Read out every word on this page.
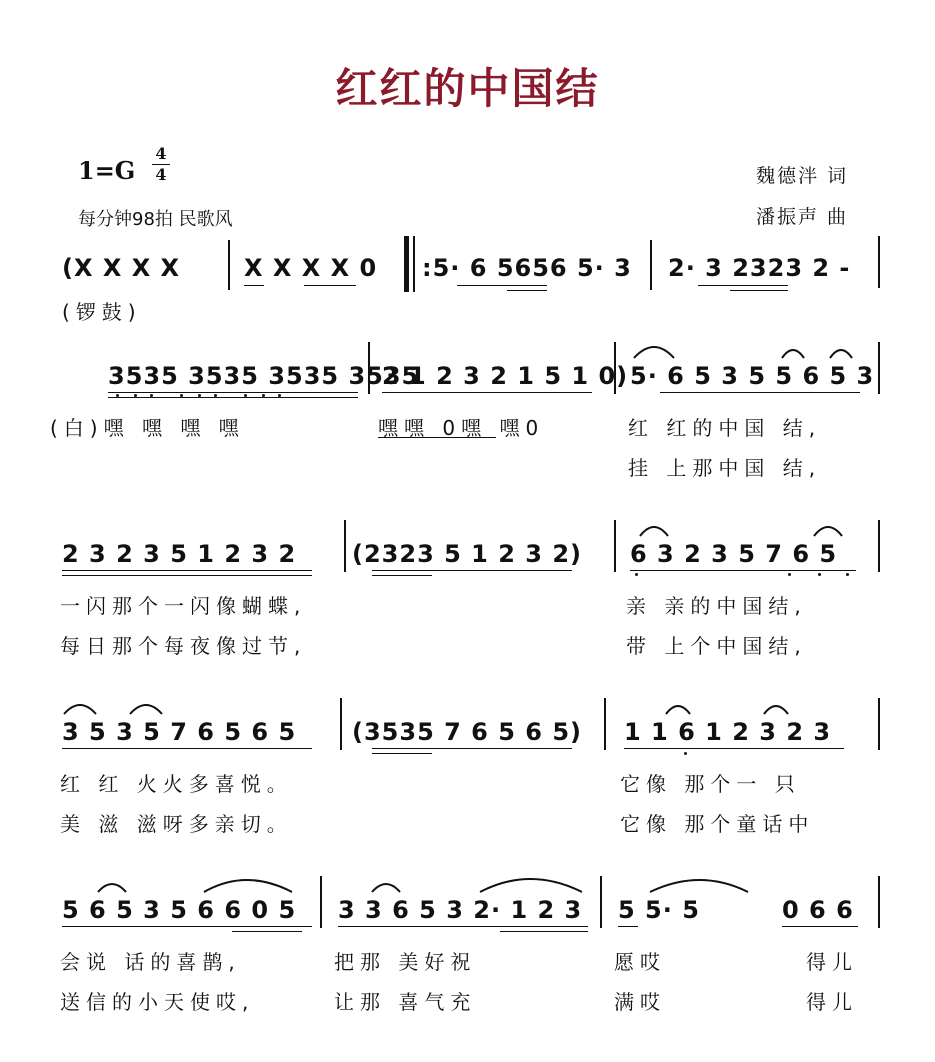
红红的中国结
1=G
4
4
每分钟98拍 民歌风
魏德泮 词
潘振声 曲
(X X X X	X X X X 0 :5· 6 5656 5· 3 2· 3 2323 2 -
(锣鼓)
3535 3535 3535 3535
2 1 2 3 2 1 5 1 0) 5· 6 5 3 5 5 6 5 3
(白)嘿 嘿 嘿 嘿	嘿嘿 0嘿 嘿0	红 红的中国 结,
挂 上那中国 结,
2 3 2 3 5 1 2 3 2 (2323 5 1 2 3 2) 6 3 2 3 5 7 6 5
一闪那个一闪像蝴蝶,	亲 亲的中国结,
每日那个每夜像过节,	带 上个中国结,
3 5 3 5 7 6 5 6 5 (3535 7 6 5 6 5) 1 1 6 1 2 3 2 3
红 红 火火多喜悦。	它像 那个一 只
美 滋 滋呀多亲切。	它像 那个童话中
5 6 5 3 5 6 6 0 5 3 3 6 5 3 2· 1 2 3 5 5· 5	0 6 6
会说 话的喜鹊,	把那 美好祝	愿哎	得儿
送信的小天使哎,	让那 喜气充	满哎	得儿
